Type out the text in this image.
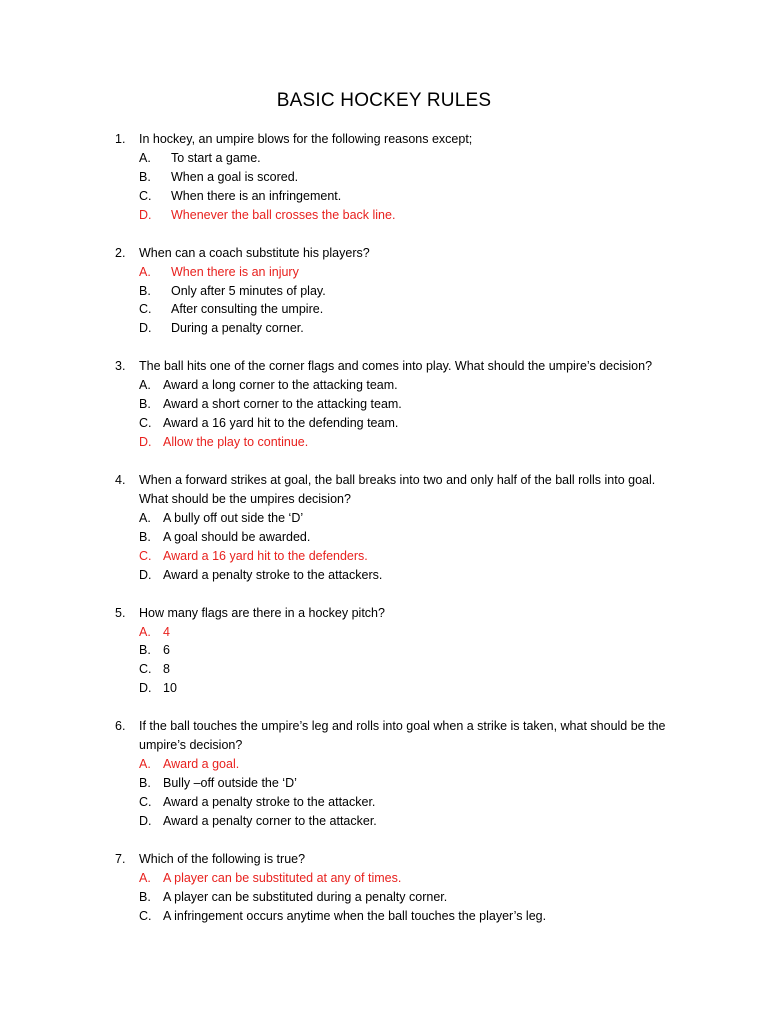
BASIC HOCKEY RULES
1.	In hockey, an umpire blows for the following reasons except;
A.	To start a game.
B.	When a goal is scored.
C.	When there is an infringement.
D.	Whenever the ball crosses the back line.
2.	When can a coach substitute his players?
A.	When there is an injury
B.	Only after 5 minutes of play.
C.	After consulting the umpire.
D.	During a penalty corner.
3.	The ball hits one of the corner flags and comes into play. What should the umpire’s decision?
A. Award a long corner to the attacking team.
B. Award a short corner to the attacking team.
C. Award a 16 yard hit to the defending team.
D. Allow the play to continue.
4.	When a forward strikes at goal, the ball breaks into two and only half of the ball rolls into goal. What should be the umpires decision?
A. A bully off out side the ‘D’
B. A goal should be awarded.
C. Award a 16 yard hit to the defenders.
D. Award a penalty stroke to the attackers.
5.	How many flags are there in a hockey pitch?
A. 4
B. 6
C. 8
D. 10
6.	If the ball touches the umpire’s leg and rolls into goal when a strike is taken, what should be the umpire’s decision?
A. Award a goal.
B. Bully –off outside the ‘D’
C. Award a penalty stroke to the attacker.
D. Award a penalty corner to the attacker.
7.	Which of the following is true?
A. A player can be substituted at any of times.
B. A player can be substituted during a penalty corner.
C. A infringement occurs anytime when the ball touches the player’s leg.
